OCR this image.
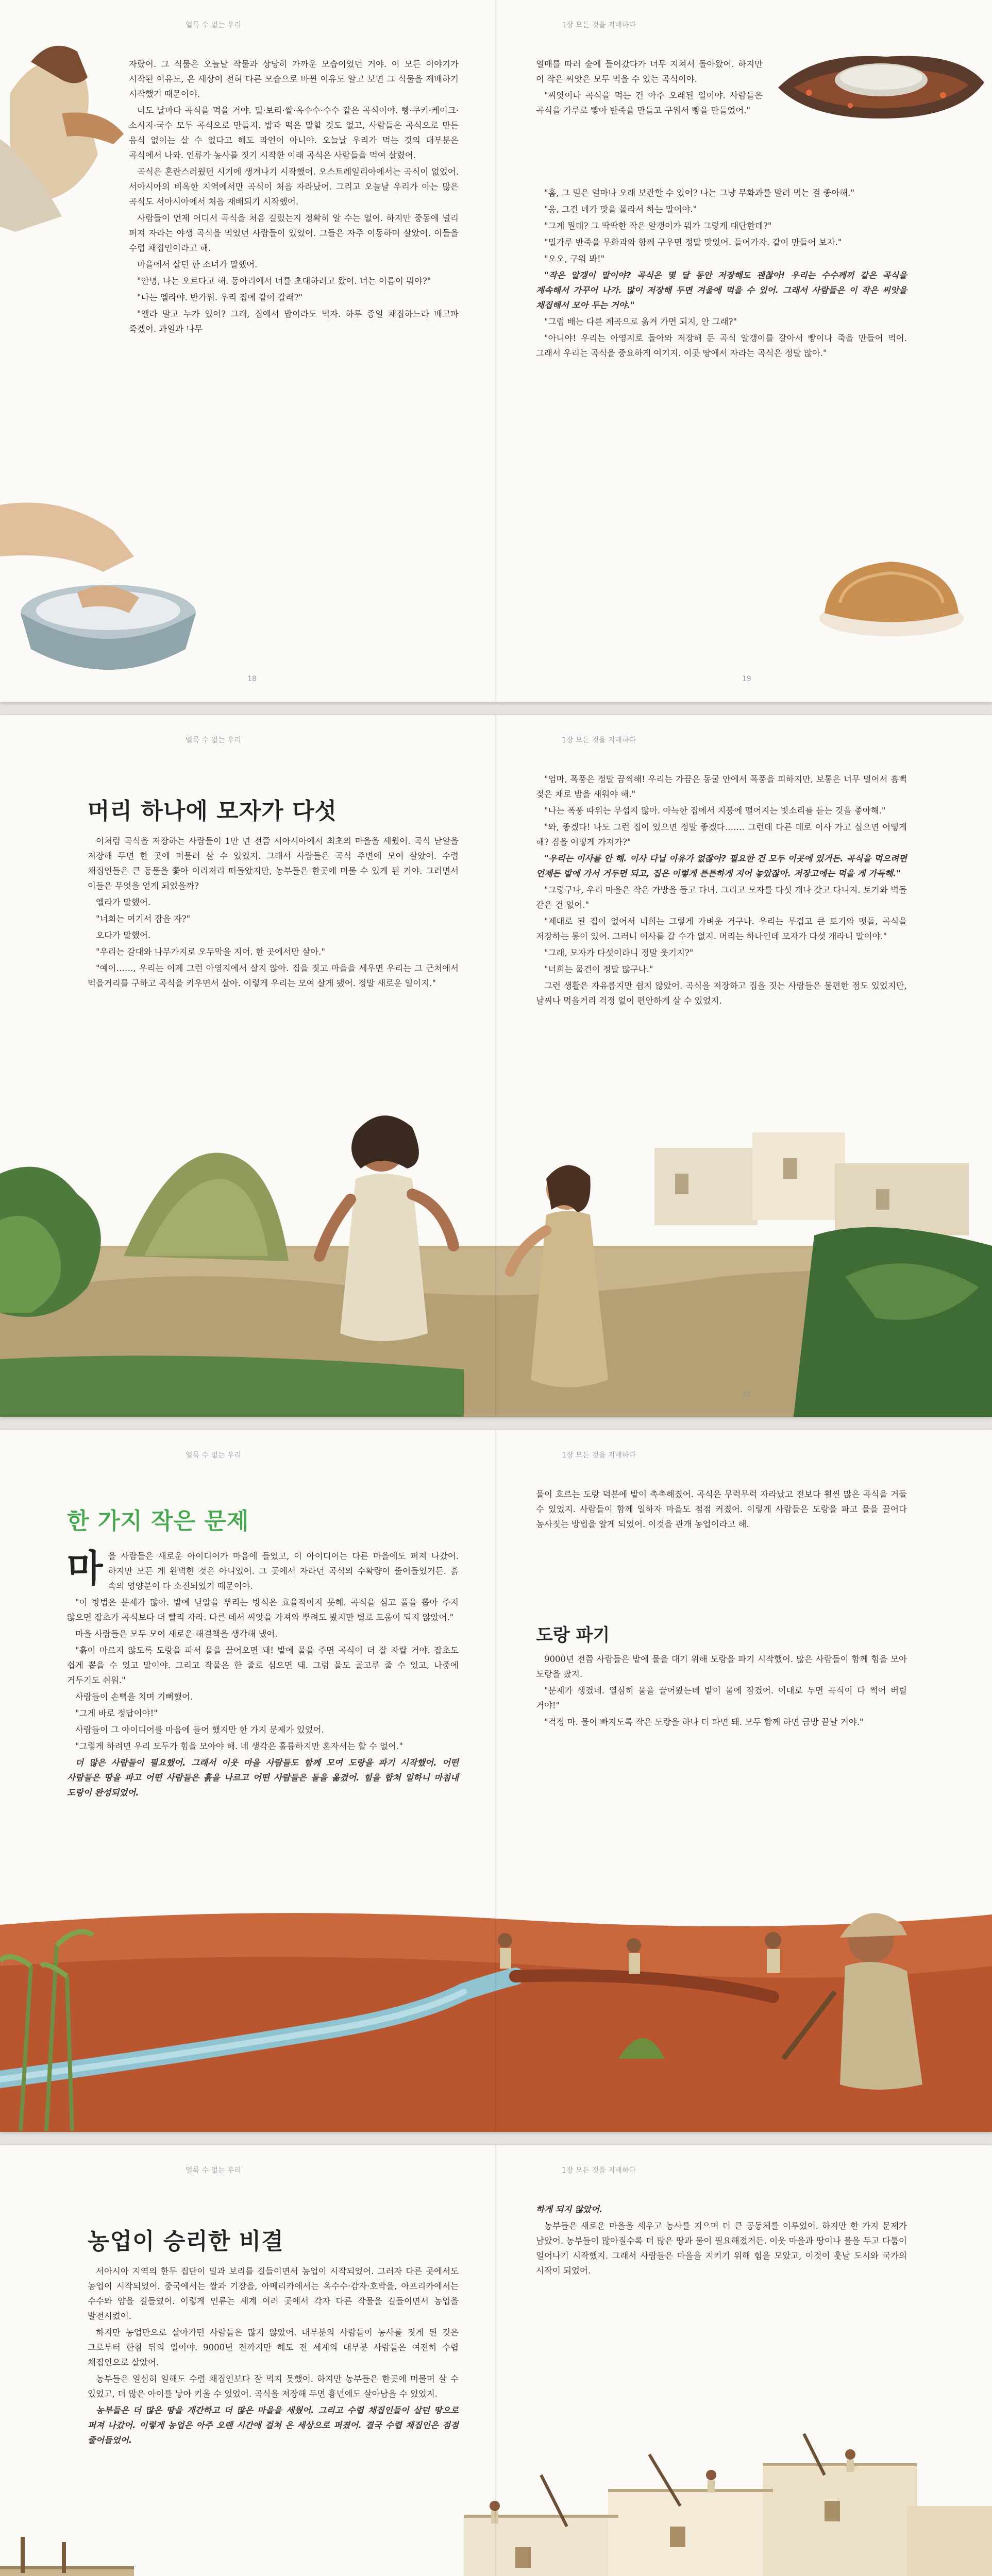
얼룩 수 없는 우리	1장 모든 것을 지배하다

자랐어. 그 식물은 오늘날 작물과 상당히 가까운 모습이었던 거야. 이 모든 이야기가 시작된 이유도, 온 세상이 전혀 다른 모습으로 바뀐 이유도 알고 보면 그 식물을 재배하기 시작했기 때문이야.

너도 날마다 곡식을 먹을 거야. 밀·보리·쌀·옥수수·수수 같은 곡식이야. 빵·쿠키·케이크·소시지·국수 모두 곡식으로 만들지. 밥과 떡은 말할 것도 없고, 사람들은 곡식으로 만든 음식 없이는 살 수 없다고 해도 과언이 아니야. 오늘날 우리가 먹는 것의 대부분은 곡식에서 나와. 인류가 농사를 짓기 시작한 이래 곡식은 사람들을 먹여 살렸어.

곡식은 혼란스러웠던 시기에 생겨나기 시작했어. 오스트레일리아에서는 곡식이 없었어. 서아시아의 비옥한 지역에서만 곡식이 처음 자라났어. 그리고 오늘날 우리가 아는 많은 곡식도 서아시아에서 처음 재배되기 시작했어.

사람들이 언제 어디서 곡식을 처음 길렀는지 정확히 알 수는 없어. 하지만 중동에 널리 퍼져 자라는 야생 곡식을 먹었던 사람들이 있었어. 그들은 자주 이동하며 살았어. 이들을 수렵 채집인이라고 해.

마을에서 살던 한 소녀가 말했어.

"안녕, 나는 오르다고 해. 동아리에서 너를 초대하려고 왔어. 너는 이름이 뭐야?"

"나는 엘라야. 반가워. 우리 집에 같이 갈래?"

"엘라 말고 누가 있어? 그래, 집에서 밥이라도 먹자. 하루 종일 채집하느라 배고파 죽겠어. 과일과 나무

18

열매를 따러 숲에 들어갔다가 너무 지쳐서 돌아왔어. 하지만 이 작은 씨앗은 모두 먹을 수 있는 곡식이야.

"씨앗이나 곡식을 먹는 건 아주 오래된 일이야. 사람들은 곡식을 가루로 빻아 반죽을 만들고 구워서 빵을 만들었어."

"흠, 그 밀은 얼마나 오래 보관할 수 있어? 나는 그냥 무화과를 말려 먹는 걸 좋아해."

"응, 그건 네가 맛을 몰라서 하는 말이야."

"그게 뭔데? 그 딱딱한 작은 알갱이가 뭐가 그렇게 대단한데?"

"밀가루 반죽을 무화과와 함께 구우면 정말 맛있어. 들어가자. 같이 만들어 보자."

"오오, 구워 봐!"

"작은 알갱이 말이야? 곡식은 몇 달 동안 저장해도 괜찮아! 우리는 수수께끼 같은 곡식을 계속해서 가꾸어 나가. 많이 저장해 두면 겨울에 먹을 수 있어. 그래서 사람들은 이 작은 씨앗을 채집해서 모아 두는 거야."

"그럼 배는 다른 계곡으로 옮겨 가면 되지, 안 그래?"

"아니야! 우리는 아영지로 돌아와 저장해 둔 곡식 알갱이를 갈아서 빵이나 죽을 만들어 먹어. 그래서 우리는 곡식을 중요하게 여기지. 이곳 땅에서 자라는 곡식은 정말 많아."

19
얼룩 수 없는 우리	1장 모든 것을 지배하다
머리 하나에 모자가 다섯

이처럼 곡식을 저장하는 사람들이 1만 년 전쯤 서아시아에서 최초의 마을을 세웠어. 곡식 낟알을 저장해 두면 한 곳에 머물러 살 수 있었지. 그래서 사람들은 곡식 주변에 모여 살았어. 수렵 채집인들은 큰 동물을 쫓아 이리저리 떠돌았지만, 농부들은 한곳에 머물 수 있게 된 거야. 그러면서 이들은 무엇을 얻게 되었을까?

엘라가 말했어.

"너희는 여기서 잠을 자?"

오다가 말했어.

"우리는 갈대와 나무가지로 오두막을 지어. 한 곳에서만 살아."

"예이……, 우리는 이제 그런 아영지에서 살지 않아. 집을 짓고 마을을 세우면 우리는 그 근처에서 먹을거리를 구하고 곡식을 키우면서 살아. 이렇게 우리는 모여 살게 됐어. 정말 새로운 일이지."

"엄마, 폭풍은 정말 끔찍해! 우리는 가끔은 동굴 안에서 폭풍을 피하지만, 보통은 너무 멀어서 흠뻑 젖은 채로 밤을 새워야 해."

"나는 폭풍 따위는 무섭지 않아. 아늑한 집에서 지붕에 떨어지는 빗소리를 듣는 것을 좋아해."

"와, 좋겠다! 나도 그런 집이 있으면 정말 좋겠다……. 그런데 다른 데로 이사 가고 싶으면 어떻게 해? 짐을 어떻게 가져가?"

"우리는 이사를 안 해. 이사 다닐 이유가 없잖아? 필요한 건 모두 이곳에 있거든. 곡식을 먹으려면 언제든 밭에 가서 거두면 되고, 집은 이렇게 튼튼하게 지어 놓았잖아. 저장고에는 먹을 게 가득해."

"그렇구나, 우리 마을은 작은 가방을 들고 다녀. 그리고 모자를 다섯 개나 갖고 다니지. 토기와 벽돌 같은 건 없어."

"제대로 된 집이 없어서 너희는 그렇게 가벼운 거구나. 우리는 무겁고 큰 토기와 맷돌, 곡식을 저장하는 통이 있어. 그러니 이사를 갈 수가 없지. 머리는 하나인데 모자가 다섯 개라니 말이야."

"그래, 모자가 다섯이라니 정말 웃기지?"

"너희는 물건이 정말 많구나."

그런 생활은 자유롭지만 쉽지 않았어. 곡식을 저장하고 집을 짓는 사람들은 불편한 점도 있었지만, 날씨나 먹을거리 걱정 없이 편안하게 살 수 있었지.

21
얼룩 수 없는 우리	1장 모든 것을 지배하다
한 가지 작은 문제

마을 사람들은 새로운 아이디어가 마음에 들었고, 이 아이디어는 다른 마을에도 퍼져 나갔어. 하지만 모든 게 완벽한 것은 아니었어. 그 곳에서 자라던 곡식의 수확량이 줄어들었거든. 흙 속의 영양분이 다 소진되었기 때문이야.

"이 방법은 문제가 많아. 밭에 낟알을 뿌리는 방식은 효율적이지 못해. 곡식을 심고 풀을 뽑아 주지 않으면 잡초가 곡식보다 더 빨리 자라. 다른 데서 씨앗을 가져와 뿌려도 봤지만 별로 도움이 되지 않았어."

마을 사람들은 모두 모여 새로운 해결책을 생각해 냈어.

"흙이 마르지 않도록 도랑을 파서 물을 끌어오면 돼! 밭에 물을 주면 곡식이 더 잘 자랄 거야. 잡초도 쉽게 뽑을 수 있고 말이야. 그리고 작물은 한 줄로 심으면 돼. 그럼 물도 골고루 줄 수 있고, 나중에 거두기도 쉬워."

사람들이 손뼉을 치며 기뻐했어.

"그게 바로 정답이야!"

사람들이 그 아이디어를 마음에 들어 했지만 한 가지 문제가 있었어.

"그렇게 하려면 우리 모두가 힘을 모아야 해. 네 생각은 훌륭하지만 혼자서는 할 수 없어."

더 많은 사람들이 필요했어. 그래서 이웃 마을 사람들도 함께 모여 도랑을 파기 시작했어. 어떤 사람들은 땅을 파고 어떤 사람들은 흙을 나르고 어떤 사람들은 돌을 옮겼어. 힘을 합쳐 일하니 마침내 도랑이 완성되었어.

물이 흐르는 도랑 덕분에 밭이 촉촉해졌어. 곡식은 무럭무럭 자라났고 전보다 훨씬 많은 곡식을 거둘 수 있었지. 사람들이 함께 일하자 마을도 점점 커졌어. 이렇게 사람들은 도랑을 파고 물을 끌어다 농사짓는 방법을 알게 되었어. 이것을 관개 농업이라고 해.

도랑 파기

9000년 전쯤 사람들은 밭에 물을 대기 위해 도랑을 파기 시작했어. 많은 사람들이 함께 힘을 모아 도랑을 팠지.

"문제가 생겼네. 열심히 물을 끌어왔는데 밭이 물에 잠겼어. 이대로 두면 곡식이 다 썩어 버릴 거야!"

"걱정 마. 물이 빠지도록 작은 도랑을 하나 더 파면 돼. 모두 함께 하면 금방 끝날 거야."

얼룩 수 없는 우리	1장 모든 것을 지배하다
농업이 승리한 비결

서아시아 지역의 한두 집단이 밀과 보리를 길들이면서 농업이 시작되었어. 그러자 다른 곳에서도 농업이 시작되었어. 중국에서는 쌀과 기장을, 아메리카에서는 옥수수·감자·호박을, 아프리카에서는 수수와 얌을 길들였어. 이렇게 인류는 세계 여러 곳에서 각자 다른 작물을 길들이면서 농업을 발전시켰어.

하지만 농업만으로 살아가던 사람들은 많지 않았어. 대부분의 사람들이 농사를 짓게 된 것은 그로부터 한참 뒤의 일이야. 9000년 전까지만 해도 전 세계의 대부분 사람들은 여전히 수렵 채집인으로 살았어.

농부들은 열심히 일해도 수렵 채집인보다 잘 먹지 못했어. 하지만 농부들은 한곳에 머물며 살 수 있었고, 더 많은 아이를 낳아 키울 수 있었어. 곡식을 저장해 두면 흉년에도 살아남을 수 있었지.

농부들은 더 많은 땅을 개간하고 더 많은 마을을 세웠어. 그리고 수렵 채집인들이 살던 땅으로 퍼져 나갔어. 이렇게 농업은 아주 오랜 시간에 걸쳐 온 세상으로 퍼졌어. 결국 수렵 채집인은 점점 줄어들었어.

하게 되지 않았어.

농부들은 새로운 마을을 세우고 농사를 지으며 더 큰 공동체를 이루었어. 하지만 한 가지 문제가 남았어. 농부들이 많아질수록 더 많은 땅과 물이 필요해졌거든. 이웃 마을과 땅이나 물을 두고 다툼이 일어나기 시작했지. 그래서 사람들은 마을을 지키기 위해 힘을 모았고, 이것이 훗날 도시와 국가의 시작이 되었어.
